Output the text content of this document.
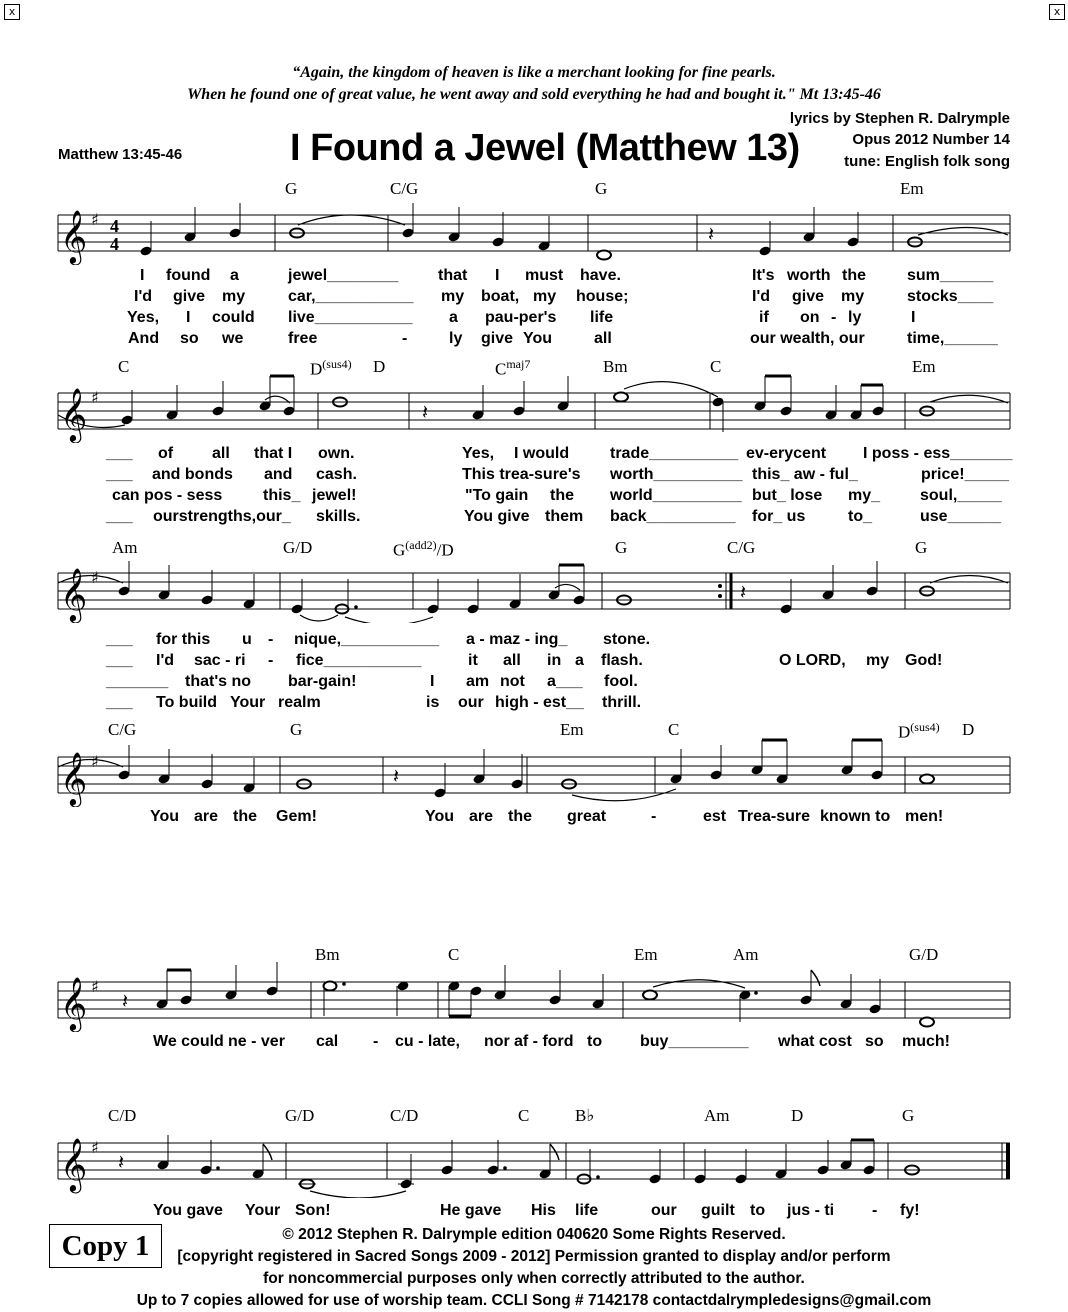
x	x
“Again, the kingdom of heaven is like a merchant looking for fine pearls.
When he found one of great value, he went away and sold everything he had and bought it." Mt 13:45-46
lyrics by Stephen R. Dalrymple
Opus 2012 Number 14
tune: English folk song
Matthew 13:45-46	I Found a Jewel (Matthew 13)
G	C/G	G	Em
𝄞 ♯ 4
4	𝄽
I found a	jewel________ that I must have.	It's worth the	sum______
I'd give my	car,___________ my boat, my house;	I'd give my	stocks____
Yes, I could live___________ a pau-per's life	if on - ly	I
And so we	free	-	ly give You	all	our wealth, our	time,______
C	$D^{(sus4)}$ D	$C^{maj7}$	Bm	C	Em
𝄞 ♯
𝄽
___ of all that I own.	Yes, I would	trade__________ ev-erycent I poss - ess_______
___ and bonds and cash.	This trea-sure's worth__________ this_ aw - ful_	price!_____
can pos - sess	this_ jewel!	"To gain the world__________ but_ lose my_ soul,_____
___ ourstrengths,our_ skills.	You give them back__________ for_ us	to_	use______
Am	G/D	$G^{(add2)}/D$	G	C/G	G
𝄞 ♯
𝄽
___ for this u - nique,___________ a - maz - ing_ stone.
___ I'd sac - ri - fice___________	it all in a flash.	O LORD, my God!
_______ that's no bar-gain!	I am not a___ fool.
___ To build Your realm	is our high - est__ thrill.
C/G	G	Em	C	$D^{(sus4)}$ D
𝄞 ♯
𝄽
You are the Gem!	You are the great	-	est Trea-sure known to men!
Bm	C	Em	Am	G/D
𝄞 ♯
𝄽
We could ne - ver cal - cu - late, nor af - ford to buy_________ what cost so much!
C/D	G/D	C/D	C	B♭	Am	D	G
𝄞 ♯
𝄽
You gave Your Son!	He gave His life	our guilt to jus - ti - fy!
Copy 1	© 2012 Stephen R. Dalrymple edition 040620 Some Rights Reserved.
[copyright registered in Sacred Songs 2009 - 2012] Permission granted to display and/or perform
for noncommercial purposes only when correctly attributed to the author.
Up to 7 copies allowed for use of worship team. CCLI Song # 7142178 contactdalrympledesigns@gmail.com
